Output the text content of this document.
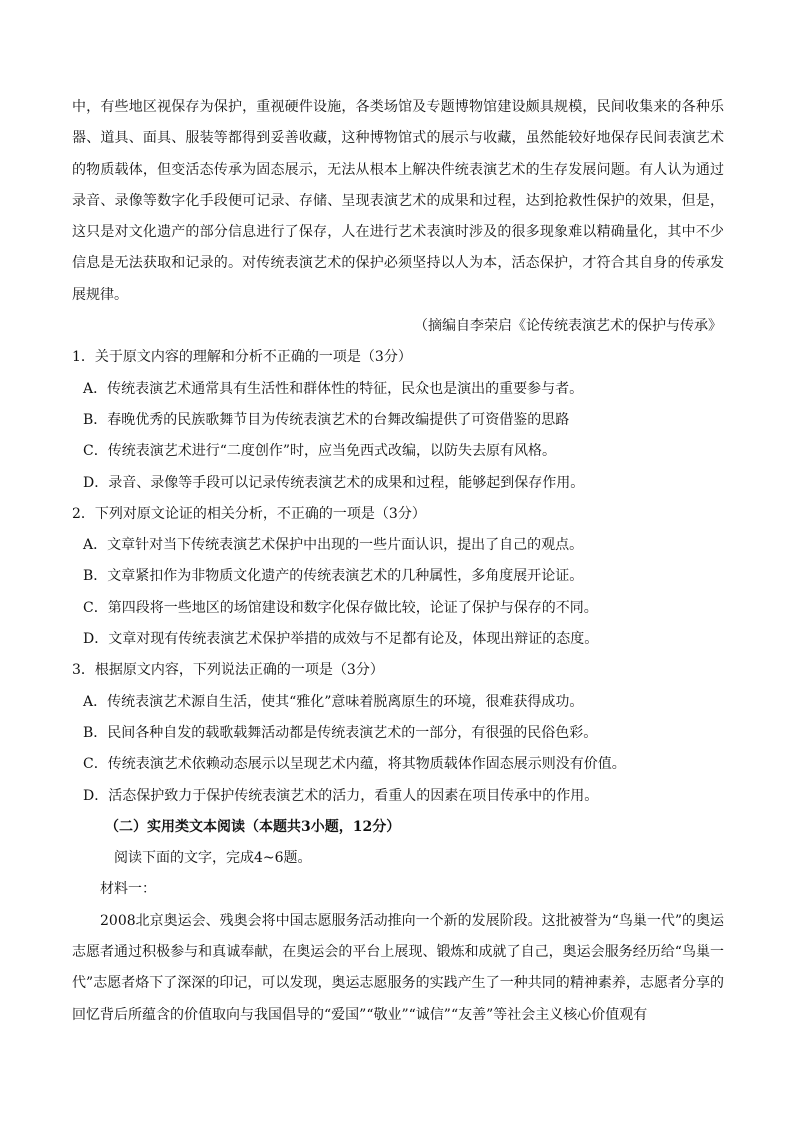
中，有些地区视保存为保护，重视硬件设施，各类场馆及专题博物馆建设颇具规模，民间收集来的各种乐器、道具、面具、服装等都得到妥善收藏，这种博物馆式的展示与收藏，虽然能较好地保存民间表演艺术的物质载体，但变活态传承为固态展示，无法从根本上解决件统表演艺术的生存发展问题。有人认为通过录音、录像等数字化手段便可记录、存储、呈现表演艺术的成果和过程，达到抢救性保护的效果，但是，这只是对文化遗产的部分信息进行了保存，人在进行艺术表演时涉及的很多现象难以精确量化，其中不少信息是无法获取和记录的。对传统表演艺术的保护必须坚持以人为本，活态保护，才符合其自身的传承发展规律。

（摘编自李荣启《论传统表演艺术的保护与传承》

1．关于原文内容的理解和分析不正确的一项是（3分）

A．传统表演艺术通常具有生活性和群体性的特征，民众也是演出的重要参与者。

B．春晚优秀的民族歌舞节目为传统表演艺术的台舞改编提供了可资借鉴的思路

C．传统表演艺术进行“二度创作”时，应当免西式改编，以防失去原有风格。

D．录音、录像等手段可以记录传统表演艺术的成果和过程，能够起到保存作用。

2．下列对原文论证的相关分析，不正确的一项是（3分）

A．文章针对当下传统表演艺术保护中出现的一些片面认识，提出了自己的观点。

B．文章紧扣作为非物质文化遗产的传统表演艺术的几种属性，多角度展开论证。

C．第四段将一些地区的场馆建设和数字化保存做比较，论证了保护与保存的不同。

D．文章对现有传统表演艺术保护举措的成效与不足都有论及，体现出辩证的态度。

3．根据原文内容，下列说法正确的一项是（3分）

A．传统表演艺术源自生活，使其“雅化”意味着脱离原生的环境，很难获得成功。

B．民间各种自发的载歌载舞活动都是传统表演艺术的一部分，有很强的民俗色彩。

C．传统表演艺术依赖动态展示以呈现艺术内蕴，将其物质载体作固态展示则没有价值。

D．活态保护致力于保护传统表演艺术的活力，看重人的因素在项目传承中的作用。

（二）实用类文本阅读（本题共3小题，12分）

阅读下面的文字，完成4~6题。

材料一：

2008北京奥运会、残奥会将中国志愿服务活动推向一个新的发展阶段。这批被誉为“鸟巢一代”的奥运志愿者通过积极参与和真诚奉献，在奥运会的平台上展现、锻炼和成就了自己，奥运会服务经历给“鸟巢一代”志愿者烙下了深深的印记，可以发现，奥运志愿服务的实践产生了一种共同的精神素养，志愿者分享的回忆背后所蕴含的价值取向与我国倡导的“爱国”“敬业”“诚信”“友善”等社会主义核心价值观有
